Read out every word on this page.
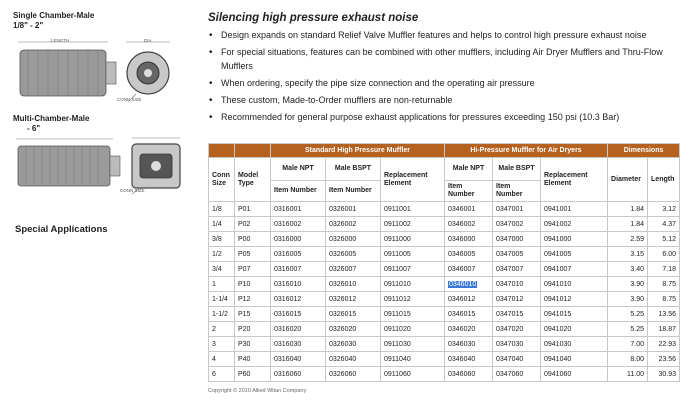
Single Chamber-Male
1/8" - 2"
LENGTH	DIA.
CONN SIZE
Multi-Chamber-Male
- 6"
CONN SIZE
Special Applications
Silencing high pressure exhaust noise
• Design expands on standard Relief Valve Muffler features and helps to control high pressure exhaust noise
• For special situations, features can be combined with other mufflers, including Air Dryer Mufflers and Thru-Flow Mufflers
• When ordering, specify the pipe size connection and the operating air pressure
• These custom, Made-to-Order mufflers are non-returnable
• Recommended for general purpose exhaust applications for pressures exceeding 150 psi (10.3 Bar)
		Standard High Pressure Muffler			Hi-Pressure Muffler for Air Dryers			Dimensions	
Conn Size	Model Type	Male NPT	Male BSPT	Replacement Element	Male NPT	Male BSPT	Replacement Element	Diameter	Length
		Item Number	Item Number		Item Number	Item Number			
1/8	P01	0316001	0326001	0911001	0346001	0347001	0941001	1.84	3.12
1/4	P02	0316002	0326002	0911002	0346002	0347002	0941002	1.84	4.37
3/8	P00	0316000	0326000	0911000	0346000	0347000	0941000	2.59	5.12
1/2	P05	0316005	0326005	0911005	0346005	0347005	0941005	3.15	6.00
3/4	P07	0316007	0326007	0911007	0346007	0347007	0941007	3.40	7.18
1	P10	0316010	0326010	0911010	0346010	0347010	0941010	3.90	8.75
1-1/4	P12	0316012	0326012	0911012	0346012	0347012	0941012	3.90	8.75
1-1/2	P15	0316015	0326015	0911015	0346015	0347015	0941015	5.25	13.56
2	P20	0316020	0326020	0911020	0346020	0347020	0941020	5.25	18.87
3	P30	0316030	0326030	0911030	0346030	0347030	0941030	7.00	22.93
4	P40	0316040	0326040	0911040	0346040	0347040	0941040	8.00	23.56
6	P60	0316060	0326060	0911060	0346060	0347060	0941060	11.00	30.93
Copyright © 2010 Allied Witan Company
